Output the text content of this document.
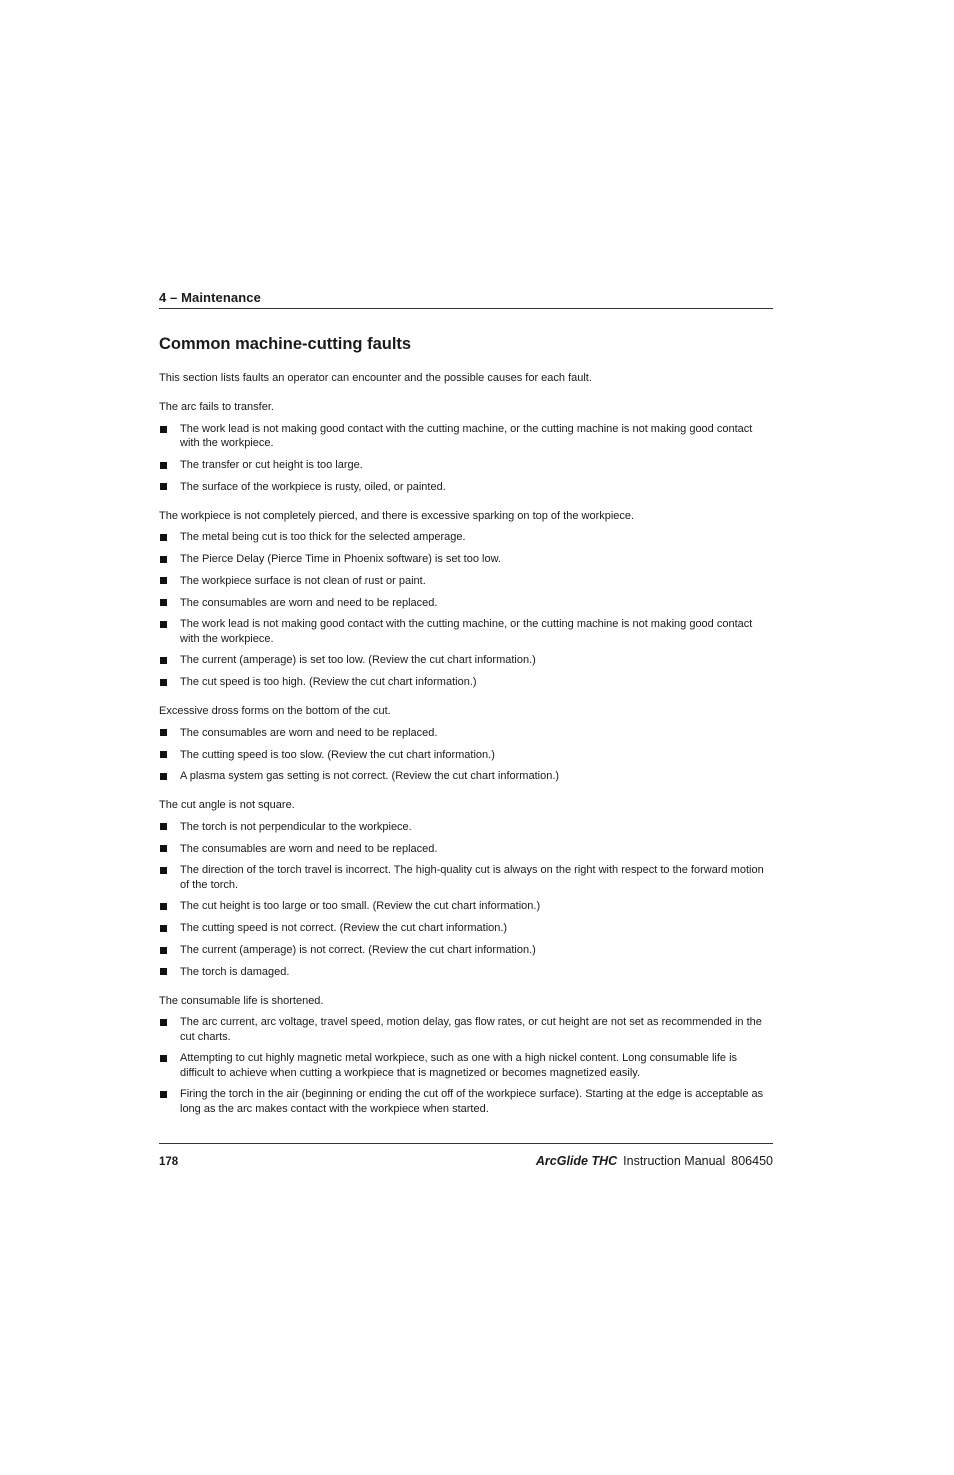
4 – Maintenance
Common machine-cutting faults

This section lists faults an operator can encounter and the possible causes for each fault.

The arc fails to transfer.

The work lead is not making good contact with the cutting machine, or the cutting machine is not making good contact with the workpiece.
The transfer or cut height is too large.
The surface of the workpiece is rusty, oiled, or painted.

The workpiece is not completely pierced, and there is excessive sparking on top of the workpiece.

The metal being cut is too thick for the selected amperage.
The Pierce Delay (Pierce Time in Phoenix software) is set too low.
The workpiece surface is not clean of rust or paint.
The consumables are worn and need to be replaced.
The work lead is not making good contact with the cutting machine, or the cutting machine is not making good contact with the workpiece.
The current (amperage) is set too low. (Review the cut chart information.)
The cut speed is too high. (Review the cut chart information.)

Excessive dross forms on the bottom of the cut.

The consumables are worn and need to be replaced.
The cutting speed is too slow. (Review the cut chart information.)
A plasma system gas setting is not correct. (Review the cut chart information.)

The cut angle is not square.

The torch is not perpendicular to the workpiece.
The consumables are worn and need to be replaced.
The direction of the torch travel is incorrect. The high-quality cut is always on the right with respect to the forward motion of the torch.
The cut height is too large or too small. (Review the cut chart information.)
The cutting speed is not correct. (Review the cut chart information.)
The current (amperage) is not correct. (Review the cut chart information.)
The torch is damaged.

The consumable life is shortened.

The arc current, arc voltage, travel speed, motion delay, gas flow rates, or cut height are not set as recommended in the cut charts.
Attempting to cut highly magnetic metal workpiece, such as one with a high nickel content. Long consumable life is difficult to achieve when cutting a workpiece that is magnetized or becomes magnetized easily.
Firing the torch in the air (beginning or ending the cut off of the workpiece surface). Starting at the edge is acceptable as long as the arc makes contact with the workpiece when started.
178	ArcGlide THC Instruction Manual 806450
